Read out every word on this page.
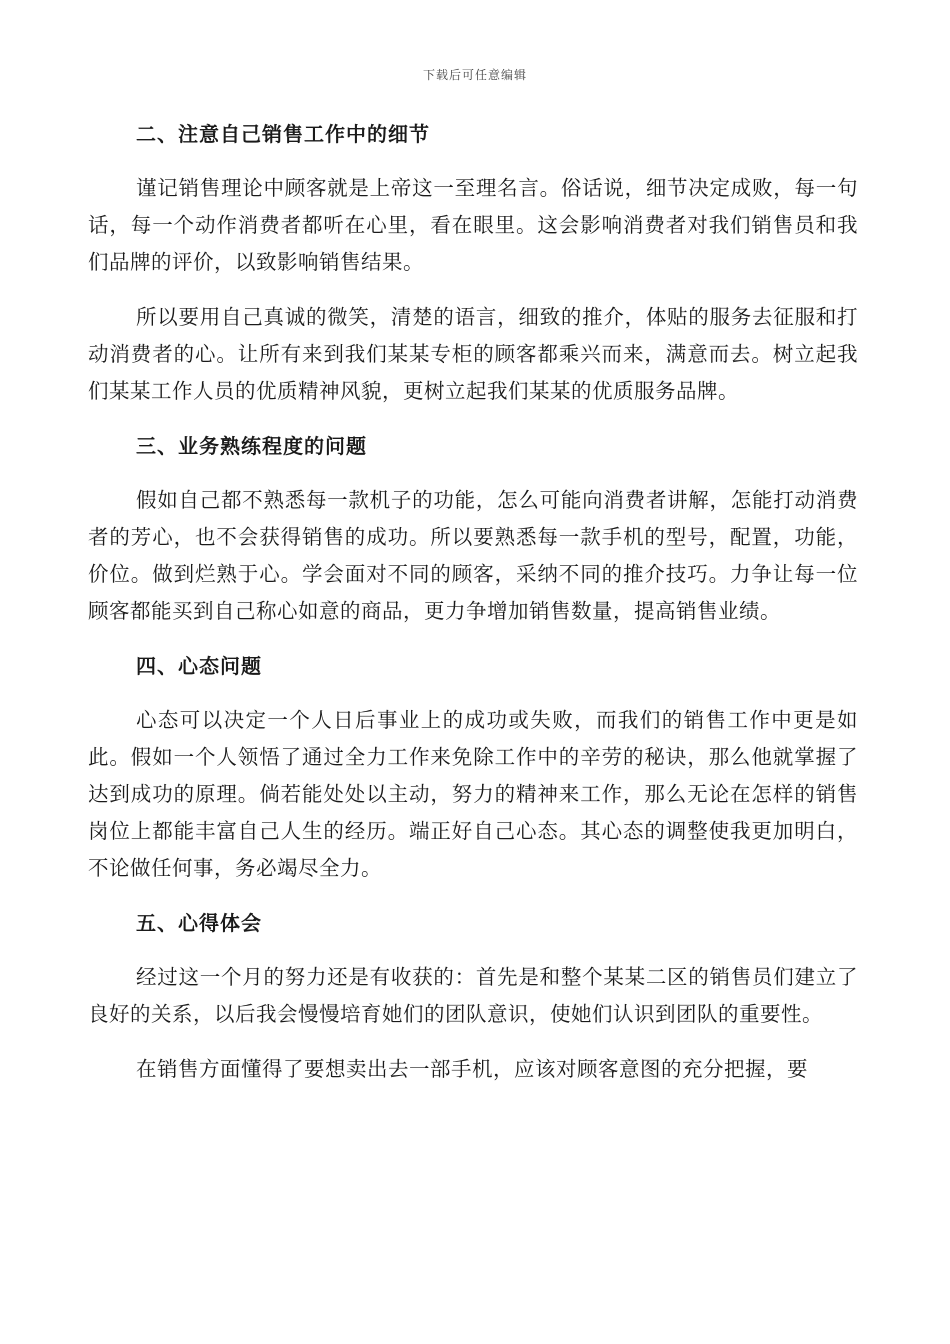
下载后可任意编辑
二、注意自己销售工作中的细节

谨记销售理论中顾客就是上帝这一至理名言。俗话说，细节决定成败，每一句话，每一个动作消费者都听在心里，看在眼里。这会影响消费者对我们销售员和我们品牌的评价，以致影响销售结果。

所以要用自己真诚的微笑，清楚的语言，细致的推介，体贴的服务去征服和打动消费者的心。让所有来到我们某某专柜的顾客都乘兴而来，满意而去。树立起我们某某工作人员的优质精神风貌，更树立起我们某某的优质服务品牌。

三、业务熟练程度的问题

假如自己都不熟悉每一款机子的功能，怎么可能向消费者讲解，怎能打动消费者的芳心，也不会获得销售的成功。所以要熟悉每一款手机的型号，配置，功能，价位。做到烂熟于心。学会面对不同的顾客，采纳不同的推介技巧。力争让每一位顾客都能买到自己称心如意的商品，更力争增加销售数量，提高销售业绩。

四、心态问题

心态可以决定一个人日后事业上的成功或失败，而我们的销售工作中更是如此。假如一个人领悟了通过全力工作来免除工作中的辛劳的秘诀，那么他就掌握了达到成功的原理。倘若能处处以主动，努力的精神来工作，那么无论在怎样的销售岗位上都能丰富自己人生的经历。端正好自己心态。其心态的调整使我更加明白，不论做任何事，务必竭尽全力。

五、心得体会

经过这一个月的努力还是有收获的：首先是和整个某某二区的销售员们建立了良好的关系，以后我会慢慢培育她们的团队意识，使她们认识到团队的重要性。

在销售方面懂得了要想卖出去一部手机，应该对顾客意图的充分把握，要
